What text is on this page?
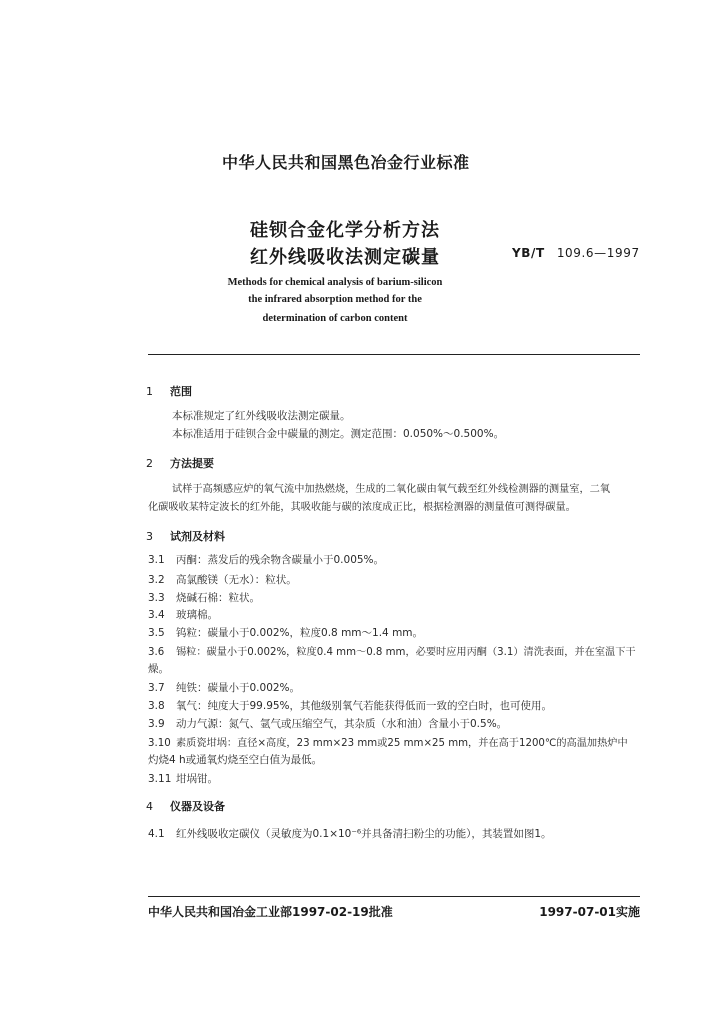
中华人民共和国黑色冶金行业标准
硅钡合金化学分析方法
红外线吸收法测定碳量	YB/T 109.6—1997
Methods for chemical analysis of barium-silicon
the infrared absorption method for the
determination of carbon content
1 范围
本标准规定了红外线吸收法测定碳量。
本标准适用于硅钡合金中碳量的测定。测定范围：0.050%～0.500%。
2 方法提要
试样于高频感应炉的氧气流中加热燃烧，生成的二氧化碳由氧气载至红外线检测器的测量室，二氧
化碳吸收某特定波长的红外能，其吸收能与碳的浓度成正比，根据检测器的测量值可测得碳量。
3 试剂及材料
3.1 丙酮：蒸发后的残余物含碳量小于0.005%。
3.2 高氯酸镁（无水）：粒状。
3.3 烧碱石棉：粒状。
3.4 玻璃棉。
3.5 钨粒：碳量小于0.002%，粒度0.8 mm～1.4 mm。
3.6 锡粒：碳量小于0.002%，粒度0.4 mm～0.8 mm，必要时应用丙酮（3.1）清洗表面，并在室温下干
燥。
3.7 纯铁：碳量小于0.002%。
3.8 氧气：纯度大于99.95%，其他级别氧气若能获得低而一致的空白时，也可使用。
3.9 动力气源：氮气、氩气或压缩空气，其杂质（水和油）含量小于0.5%。
3.10 素质瓷坩埚：直径×高度，23 mm×23 mm或25 mm×25 mm，并在高于1200℃的高温加热炉中
灼烧4 h或通氧灼烧至空白值为最低。
3.11 坩埚钳。
4 仪器及设备
4.1 红外线吸收定碳仪（灵敏度为0.1×10⁻⁶并具备清扫粉尘的功能），其装置如图1。
中华人民共和国冶金工业部1997-02-19批准	1997-07-01实施
